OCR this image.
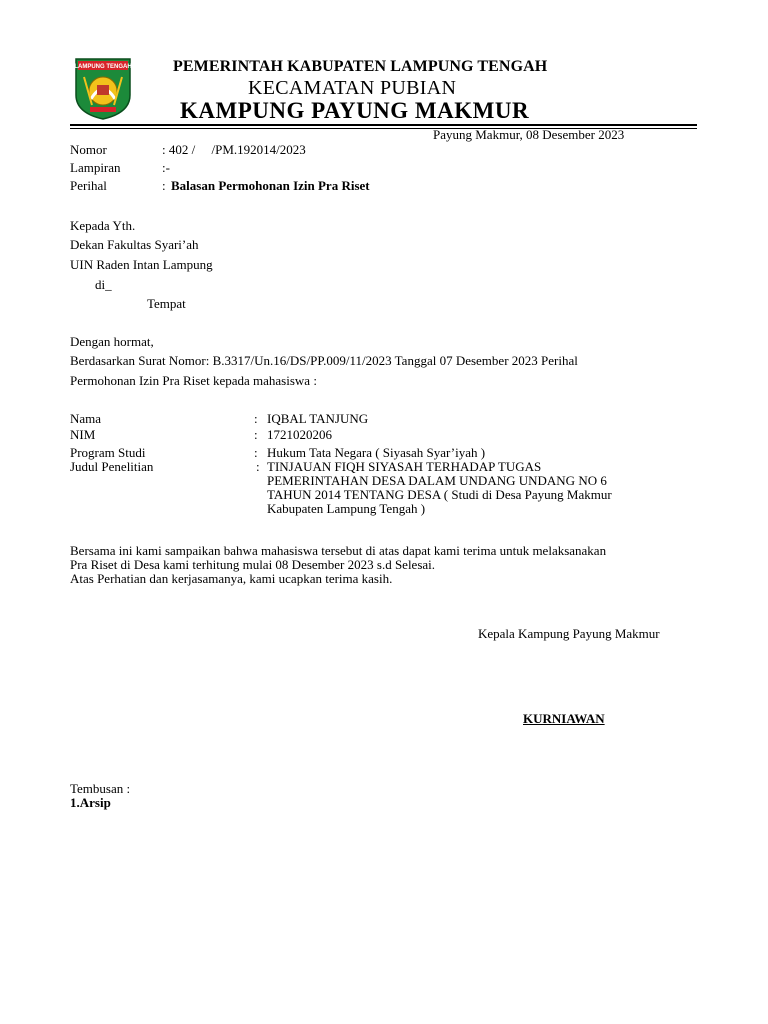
LAMPUNG TENGAH	PEMERINTAH KABUPATEN LAMPUNG TENGAH
KECAMATAN PUBIAN
KAMPUNG PAYUNG MAKMUR
Payung Makmur, 08 Desember 2023
Nomor	: 402 /     /PM.192014/2023
Lampiran	:-
Perihal	: Balasan Permohonan Izin Pra Riset
Kepada Yth.
Dekan Fakultas Syari’ah
UIN Raden Intan Lampung
di_
Tempat
Dengan hormat,
Berdasarkan Surat Nomor: B.3317/Un.16/DS/PP.009/11/2023 Tanggal 07 Desember 2023 Perihal
Permohonan Izin Pra Riset kepada mahasiswa :
Nama	: IQBAL TANJUNG
NIM	: 1721020206
Program Studi	: Hukum Tata Negara ( Siyasah Syar’iyah )
Judul Penelitian	: TINJAUAN FIQH SIYASAH TERHADAP TUGAS
PEMERINTAHAN DESA DALAM UNDANG UNDANG NO 6
TAHUN 2014 TENTANG DESA ( Studi di Desa Payung Makmur
Kabupaten Lampung Tengah )
Bersama ini kami sampaikan bahwa mahasiswa tersebut di atas dapat kami terima untuk melaksanakan
Pra Riset di Desa kami terhitung mulai 08 Desember 2023 s.d Selesai.
Atas Perhatian dan kerjasamanya, kami ucapkan terima kasih.
Kepala Kampung Payung Makmur
KURNIAWAN
Tembusan :
1.Arsip
